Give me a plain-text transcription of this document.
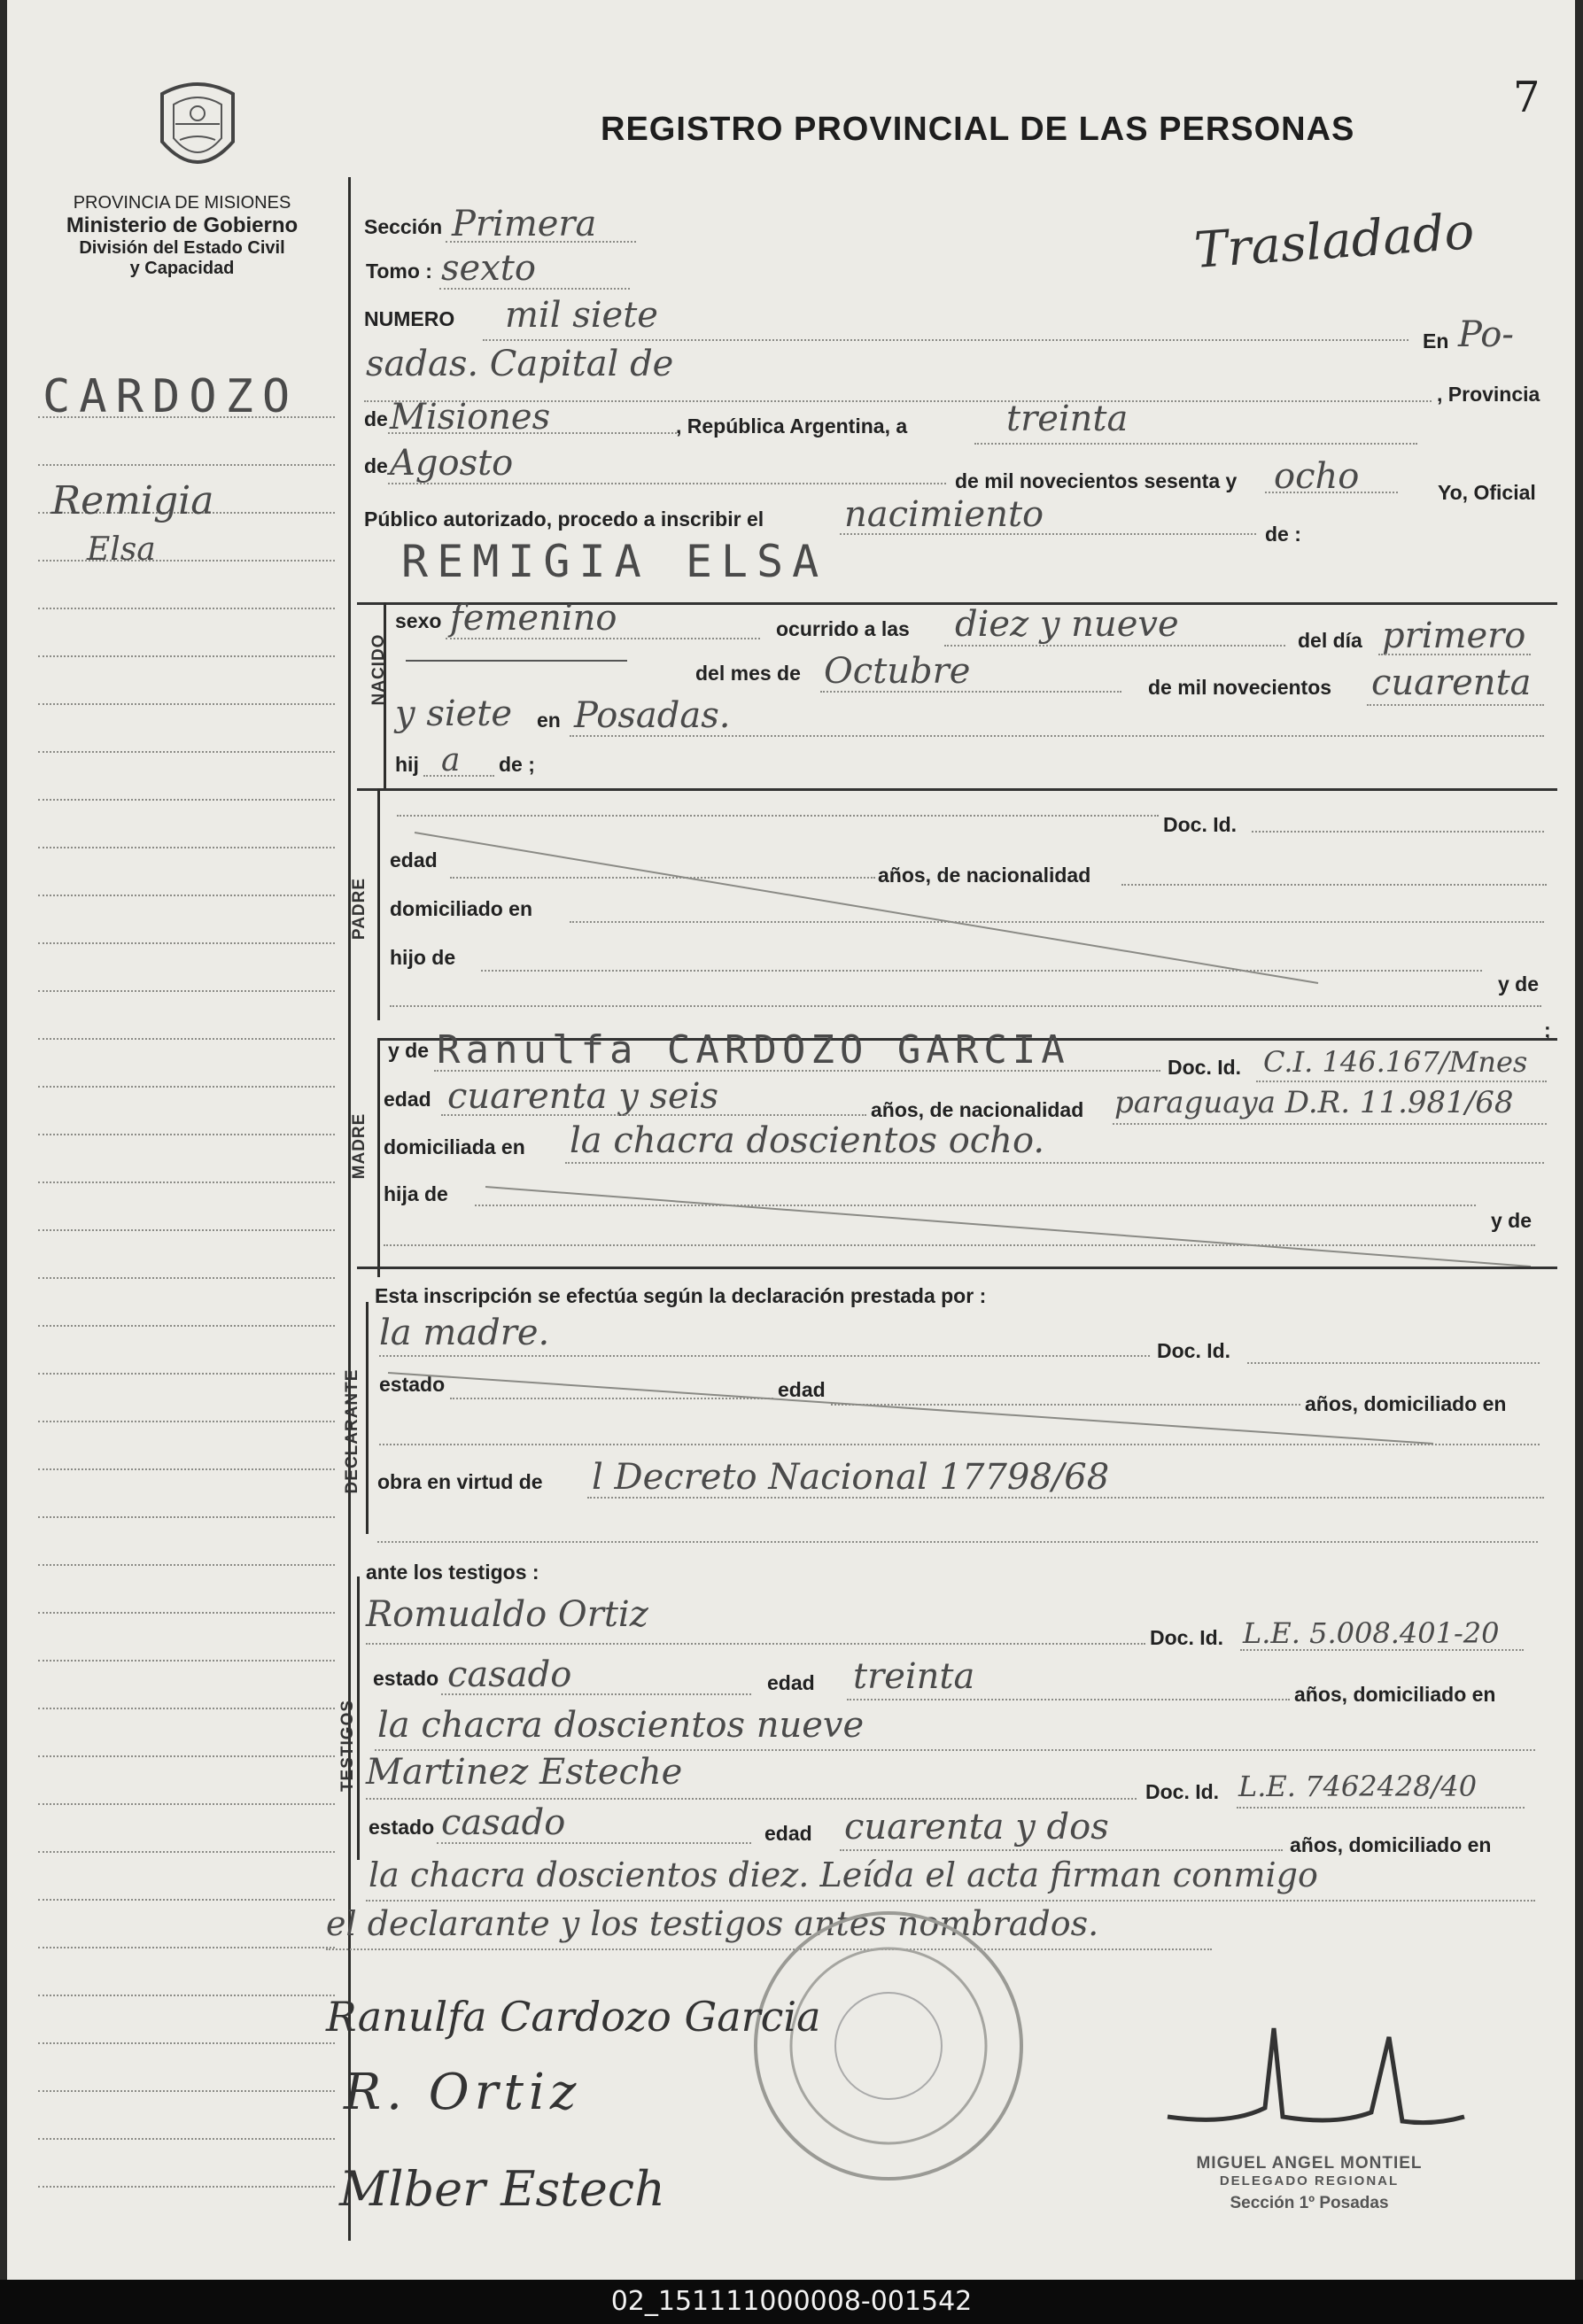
7
REGISTRO PROVINCIAL DE LAS PERSONAS
Trasladado
PROVINCIA DE MISIONES
Ministerio de Gobierno
División del Estado Civil
y Capacidad
CARDOZO
Remigia
Elsa
Sección Primera
Tomo : sexto
NUMERO mil siete
En Po-
sadas. Capital de
, Provincia
de Misiones	, República Argentina, a	treinta
de Agosto	de mil novecientos sesenta y ocho	Yo, Oficial
Público autorizado, procedo a inscribir el nacimiento	de :
REMIGIA ELSA
NACIDO
sexo femenino	ocurrido a las diez y nueve	del día primero
del mes de Octubre	de mil novecientos cuarenta
y siete en Posadas.
hij a de ;
PADRE
Doc. Id.
edad
años, de nacionalidad
domiciliado en
hijo de
y de
;
MADRE
y de Ranulfa CARDOZO GARCIA	Doc. Id. C.I. 146.167/Mnes
edad cuarenta y seis	años, de nacionalidad paraguaya D.R. 11.981/68
domiciliada en la chacra doscientos ocho.
hija de
y de
Esta inscripción se efectúa según la declaración prestada por :
DECLARANTE
la madre.	Doc. Id.
estado	edad
años, domiciliado en
obra en virtud de l Decreto Nacional 17798/68
ante los testigos :
TESTIGOS
Romualdo Ortiz
Doc. Id. L.E. 5.008.401-20
estado casado	edad treinta	años, domiciliado en
la chacra doscientos nueve
Martinez Esteche	Doc. Id. L.E. 7462428/40
estado casado	edad cuarenta y dos	años, domiciliado en
la chacra doscientos diez. Leída el acta firman conmigo
el declarante y los testigos antes nombrados.
Ranulfa Cardozo Garcia
R. Ortiz
Mlber Estech	MIGUEL ANGEL MONTIEL
DELEGADO REGIONAL
Sección 1º Posadas
02_151111000008-001542
